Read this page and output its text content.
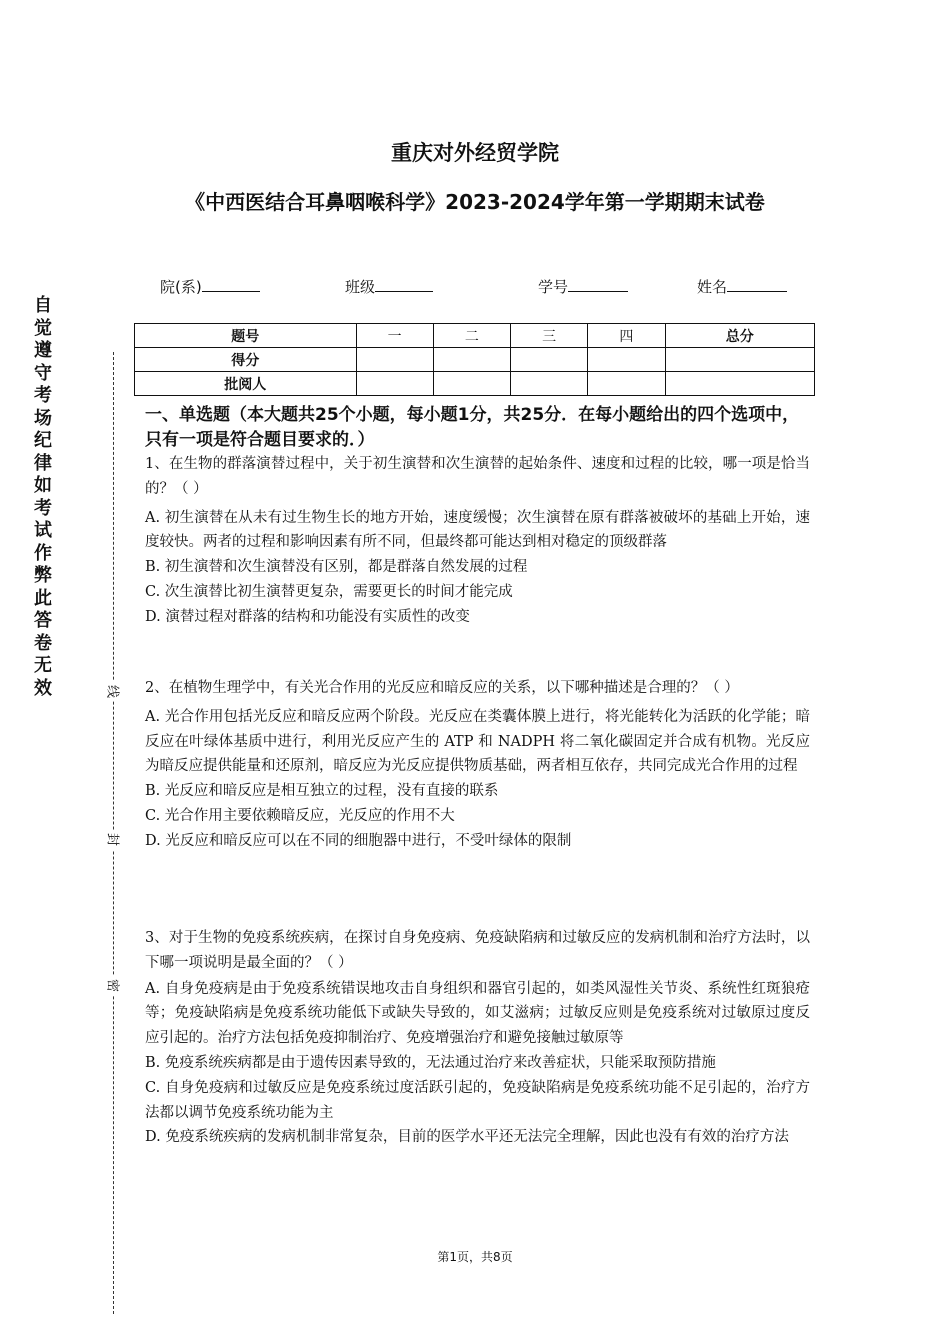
重庆对外经贸学院
《中西医结合耳鼻咽喉科学》2023-2024学年第一学期期末试卷
院(系)	班级	学号	姓名
题号	一	二	三	四	总分
得分					
批阅人					
自
觉
遵
守
考
场
纪
律
如
考
试
作
弊
此
答
卷
无
效	线
封
密
一、单选题（本大题共25个小题，每小题1分，共25分．在每小题给出的四个选项中，只有一项是符合题目要求的．）

1、在生物的群落演替过程中，关于初生演替和次生演替的起始条件、速度和过程的比较，哪一项是恰当的？（ ）

A. 初生演替在从未有过生物生长的地方开始，速度缓慢；次生演替在原有群落被破坏的基础上开始，速度较快。两者的过程和影响因素有所不同，但最终都可能达到相对稳定的顶级群落

B. 初生演替和次生演替没有区别，都是群落自然发展的过程

C. 次生演替比初生演替更复杂，需要更长的时间才能完成

D. 演替过程对群落的结构和功能没有实质性的改变

2、在植物生理学中，有关光合作用的光反应和暗反应的关系，以下哪种描述是合理的？（ ）

A. 光合作用包括光反应和暗反应两个阶段。光反应在类囊体膜上进行，将光能转化为活跃的化学能；暗反应在叶绿体基质中进行，利用光反应产生的 ATP 和 NADPH 将二氧化碳固定并合成有机物。光反应为暗反应提供能量和还原剂，暗反应为光反应提供物质基础，两者相互依存，共同完成光合作用的过程

B. 光反应和暗反应是相互独立的过程，没有直接的联系

C. 光合作用主要依赖暗反应，光反应的作用不大

D. 光反应和暗反应可以在不同的细胞器中进行，不受叶绿体的限制

3、对于生物的免疫系统疾病，在探讨自身免疫病、免疫缺陷病和过敏反应的发病机制和治疗方法时，以下哪一项说明是最全面的？（ ）

A. 自身免疫病是由于免疫系统错误地攻击自身组织和器官引起的，如类风湿性关节炎、系统性红斑狼疮等；免疫缺陷病是免疫系统功能低下或缺失导致的，如艾滋病；过敏反应则是免疫系统对过敏原过度反应引起的。治疗方法包括免疫抑制治疗、免疫增强治疗和避免接触过敏原等

B. 免疫系统疾病都是由于遗传因素导致的，无法通过治疗来改善症状，只能采取预防措施

C. 自身免疫病和过敏反应是免疫系统过度活跃引起的，免疫缺陷病是免疫系统功能不足引起的，治疗方法都以调节免疫系统功能为主

D. 免疫系统疾病的发病机制非常复杂，目前的医学水平还无法完全理解，因此也没有有效的治疗方法

第1页，共8页
